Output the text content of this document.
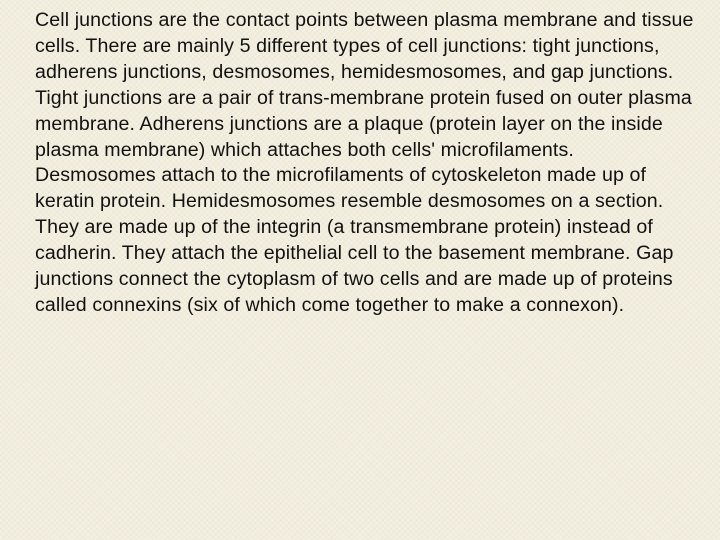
Cell junctions are the contact points between plasma membrane and tissue cells. There are mainly 5 different types of cell junctions: tight junctions, adherens junctions, desmosomes, hemidesmosomes, and gap junctions. Tight junctions are a pair of trans-membrane protein fused on outer plasma membrane. Adherens junctions are a plaque (protein layer on the inside plasma membrane) which attaches both cells' microfilaments. Desmosomes attach to the microfilaments of cytoskeleton made up of keratin protein. Hemidesmosomes resemble desmosomes on a section. They are made up of the integrin (a transmembrane protein) instead of cadherin. They attach the epithelial cell to the basement membrane. Gap junctions connect the cytoplasm of two cells and are made up of proteins called connexins (six of which come together to make a connexon).
